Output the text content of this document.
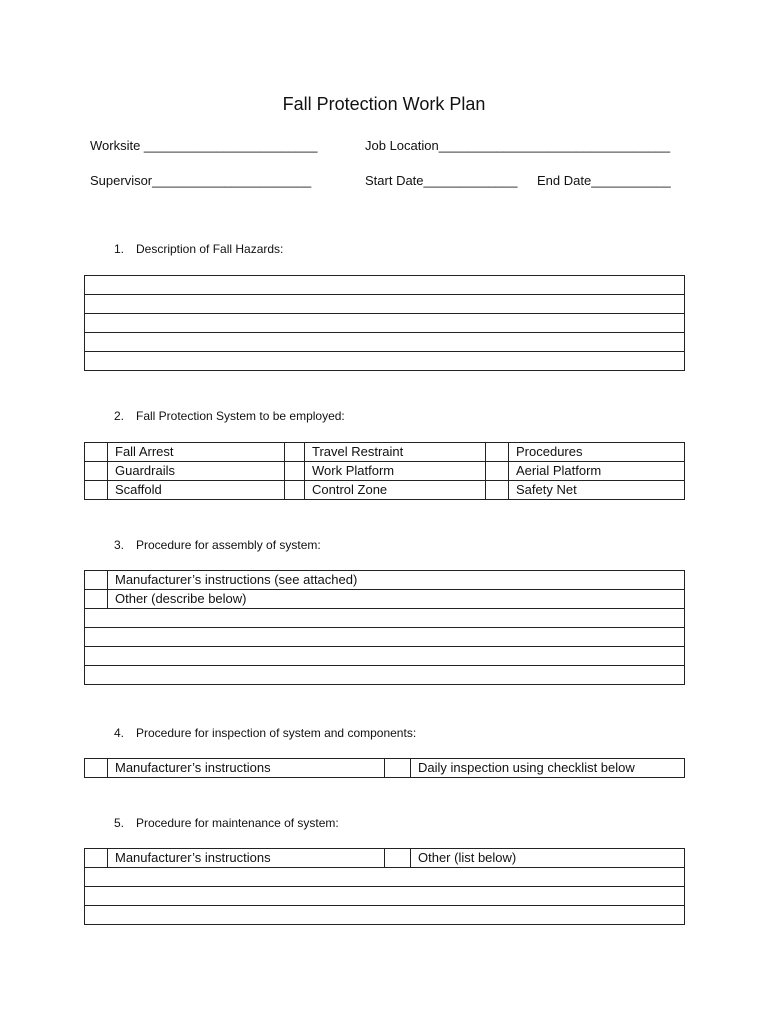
Fall Protection Work Plan
Worksite ________________________	Job Location________________________________
Supervisor______________________	Start Date_____________ End Date___________
1. Description of Fall Hazards:

2. Fall Protection System to be employed:
	Fall Arrest		Travel Restraint		Procedures
	Guardrails		Work Platform		Aerial Platform
	Scaffold		Control Zone		Safety Net
3. Procedure for assembly of system:
	Manufacturer’s instructions (see attached)
	Other (describe below)

4. Procedure for inspection of system and components:
	Manufacturer’s instructions		Daily inspection using checklist below
5. Procedure for maintenance of system:
	Manufacturer’s instructions		Other (list below)
